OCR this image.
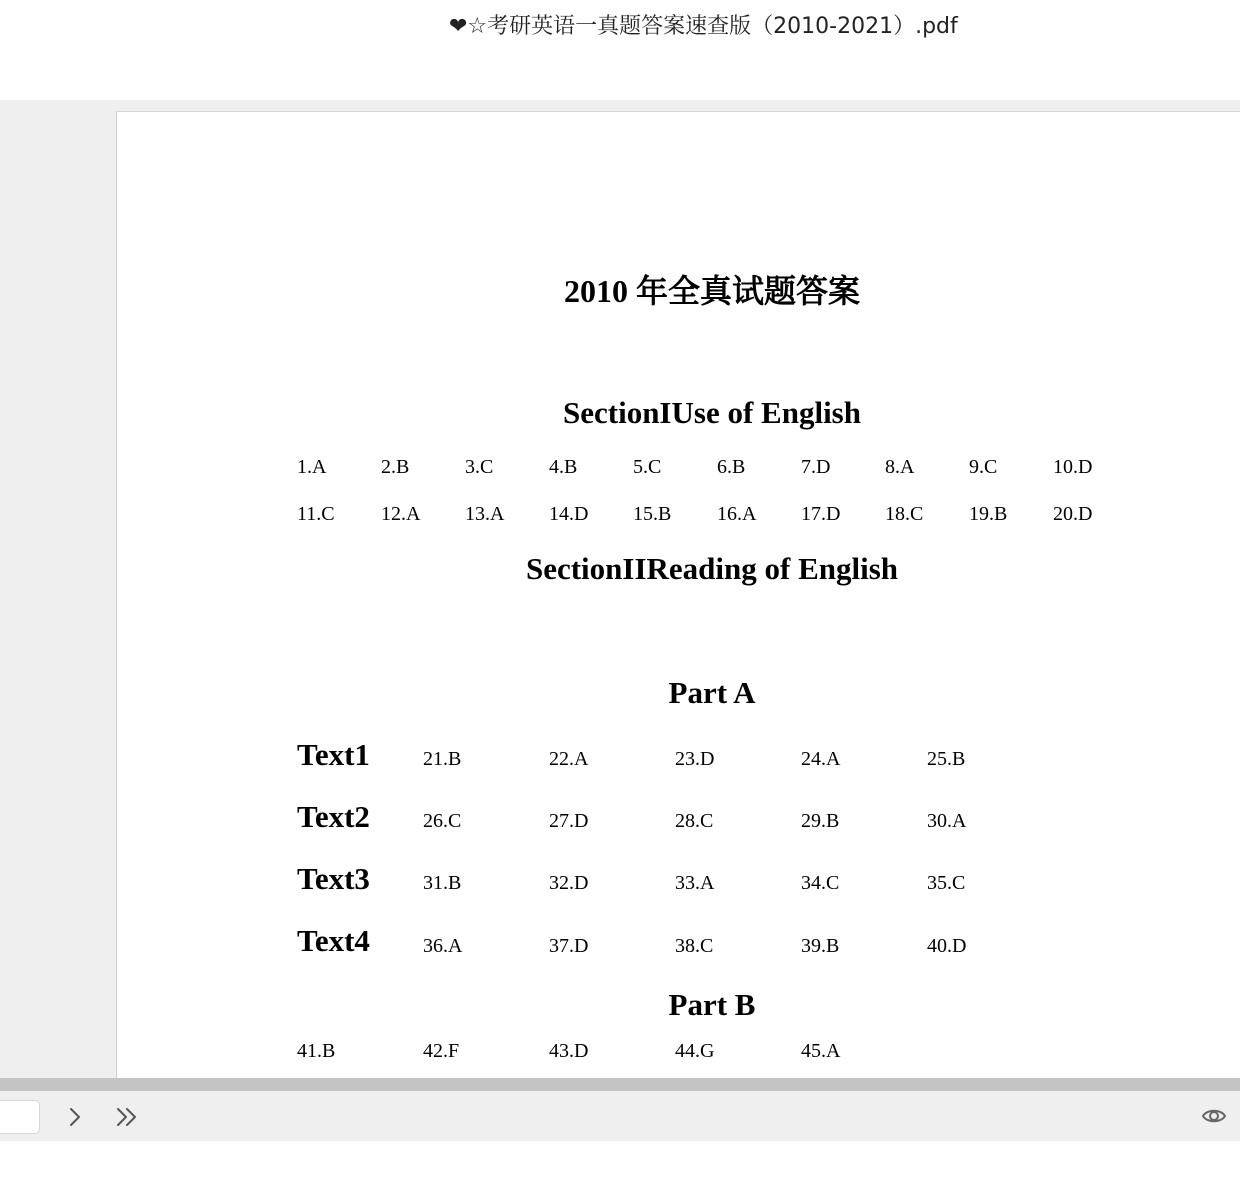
❤︎☆考研英语一真题答案速查版（2010-2021）.pdf
2010 年全真试题答案
SectionIUse of English
1.A	2.B	3.C	4.B	5.C	6.B	7.D	8.A	9.C	10.D
11.C 12.A 13.A 14.D 15.B 16.A 17.D 18.C 19.B 20.D
SectionIIReading of English
Part A
Text1	21.B	22.A	23.D	24.A	25.B
Text2	26.C	27.D	28.C	29.B	30.A
Text3	31.B	32.D	33.A	34.C	35.C
Text4	36.A	37.D	38.C	39.B	40.D
Part B
41.B	42.F	43.D	44.G	45.A
